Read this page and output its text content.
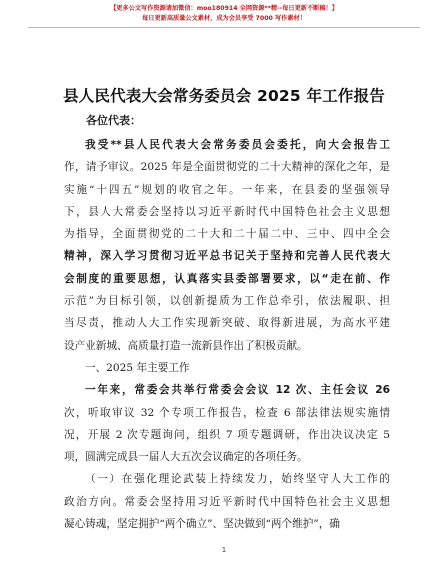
【更多公文写作资源请加微信：moo180914 全网资源**精--每日更新不断稿！】
每日更新高质量公文素材，成为会员享受 7000 写作素材！
县人民代表大会常务委员会 2025 年工作报告
各位代表：
我受**县人民代表大会常务委员会委托，向大会报告工
作，请予审议。2025 年是全面贯彻党的二十大精神的深化之年，是
实施“十四五”规划的收官之年。一年来，在县委的坚强领导
下，县人大常委会坚持以习近平新时代中国特色社会主义思想
为指导，全面贯彻党的二十大和二十届二中、三中、四中全会
精神，深入学习贯彻习近平总书记关于坚持和完善人民代表大
会制度的重要思想，认真落实县委部署要求，以“走在前、作
示范”为目标引领，以创新提质为工作总牵引，依法履职、担
当尽责，推动人大工作实现新突破、取得新进展，为高水平建
设产业新城、高质量打造一流新县作出了积极贡献。
一、2025 年主要工作
一年来，常委会共举行常委会会议 12 次、主任会议 26
次，听取审议 32 个专项工作报告，检查 6 部法律法规实施情
况，开展 2 次专题询问，组织 7 项专题调研，作出决议决定 5
项，圆满完成县一届人大五次会议确定的各项任务。
（一）在强化理论武装上持续发力，始终坚守人大工作的
政治方向。常委会坚持用习近平新时代中国特色社会主义思想
凝心铸魂，坚定拥护“两个确立”、坚决做到“两个维护”，确
1
